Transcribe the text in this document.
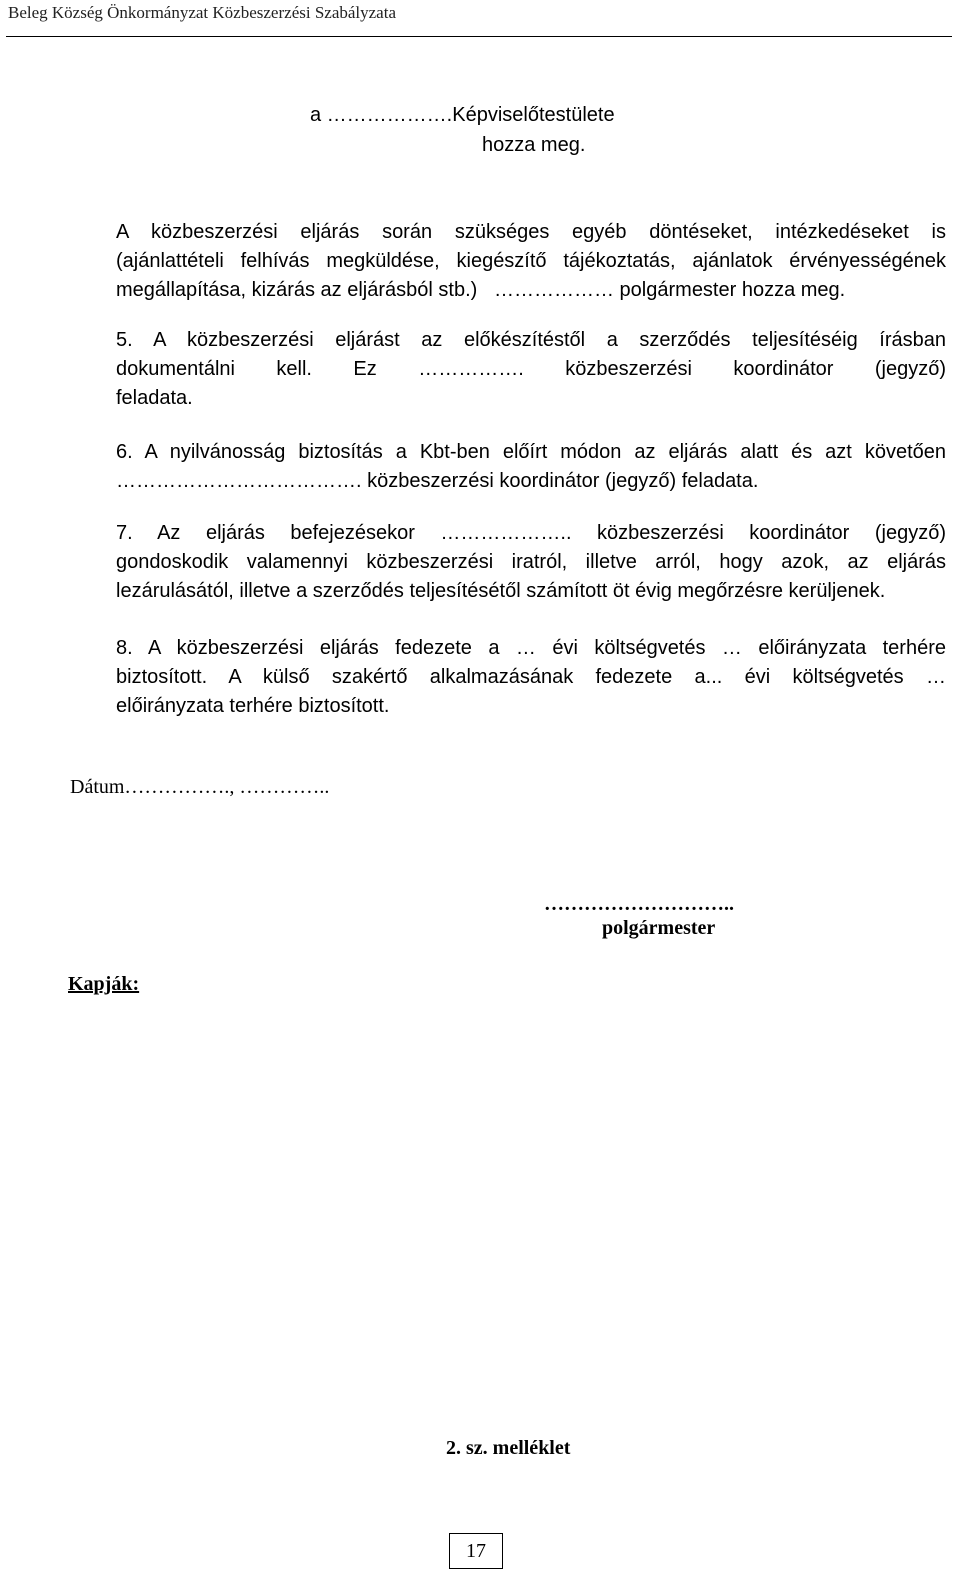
Beleg Község Önkormányzat Közbeszerzési Szabályzata
a ……………….Képviselőtestülete
hozza meg.
A közbeszerzési eljárás során szükséges egyéb döntéseket, intézkedéseket is
(ajánlattételi felhívás megküldése, kiegészítő tájékoztatás, ajánlatok érvényességének
megállapítása, kizárás az eljárásból stb.) ……………… polgármester hozza meg.
5. A közbeszerzési eljárást az előkészítéstől a szerződés teljesítéséig írásban
dokumentálni kell. Ez ……………. közbeszerzési koordinátor (jegyző)
feladata.
6. A nyilvánosság biztosítás a Kbt-ben előírt módon az eljárás alatt és azt követően
………………………………. közbeszerzési koordinátor (jegyző) feladata.
7. Az eljárás befejezésekor ……………….. közbeszerzési koordinátor (jegyző)
gondoskodik valamennyi közbeszerzési iratról, illetve arról, hogy azok, az eljárás
lezárulásától, illetve a szerződés teljesítésétől számított öt évig megőrzésre kerüljenek.
8. A közbeszerzési eljárás fedezete a … évi költségvetés … előirányzata terhére
biztosított. A külső szakértő alkalmazásának fedezete a... évi költségvetés …
előirányzata terhére biztosított.
Dátum……………., …………..
………………………..
polgármester
Kapják:
2. sz. melléklet
17
